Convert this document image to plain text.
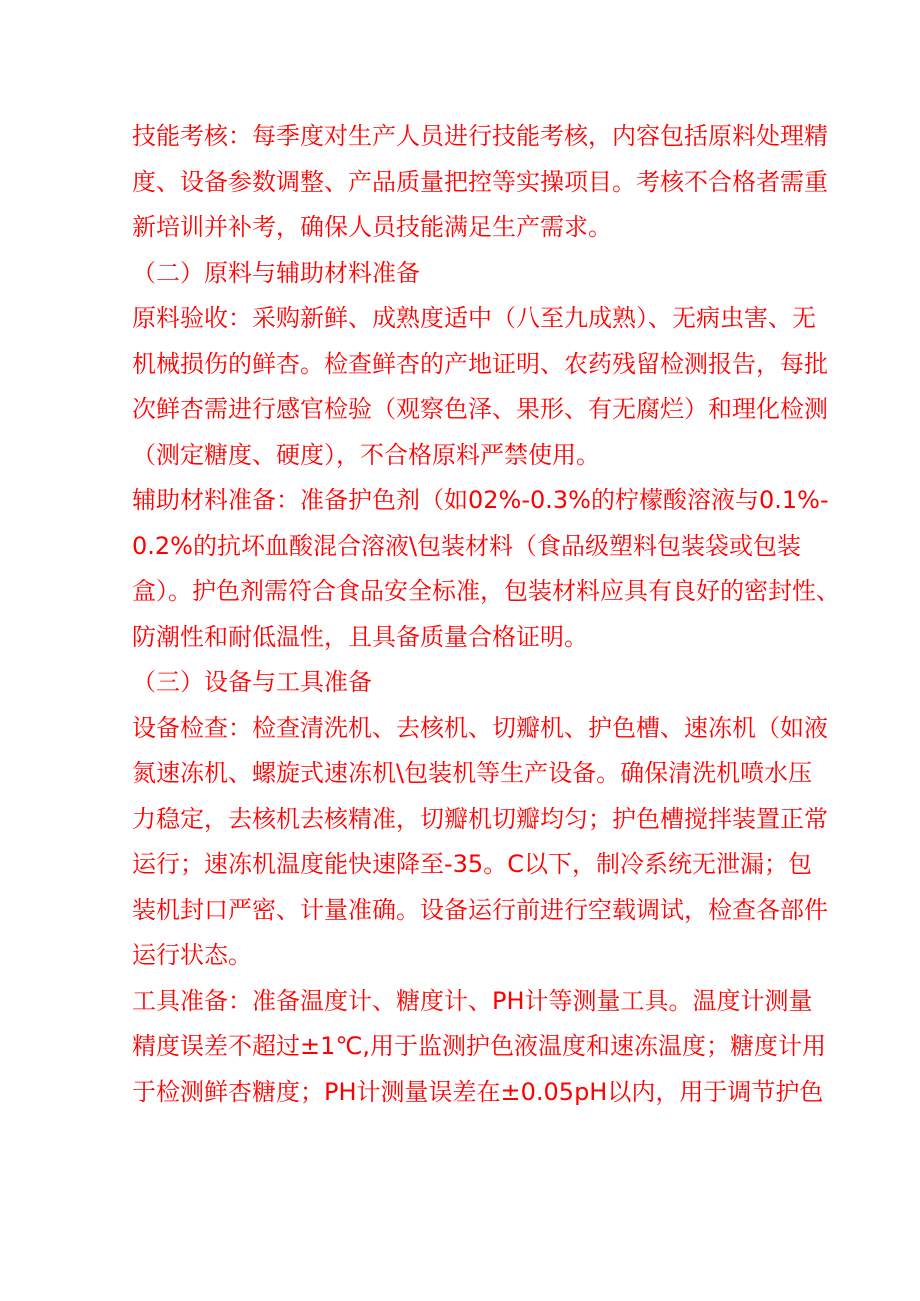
技能考核：每季度对生产人员进行技能考核，内容包括原料处理精
度、设备参数调整、产品质量把控等实操项目。考核不合格者需重
新培训并补考，确保人员技能满足生产需求。

（二）原料与辅助材料准备

原料验收：采购新鲜、成熟度适中（八至九成熟）、无病虫害、无
机械损伤的鲜杏。检查鲜杏的产地证明、农药残留检测报告，每批
次鲜杏需进行感官检验（观察色泽、果形、有无腐烂）和理化检测
（测定糖度、硬度），不合格原料严禁使用。

辅助材料准备：准备护色剂（如02%-0.3%的柠檬酸溶液与0.1%-
0.2%的抗坏血酸混合溶液\包装材料（食品级塑料包装袋或包装
盒）。护色剂需符合食品安全标准，包装材料应具有良好的密封性、
防潮性和耐低温性，且具备质量合格证明。

（三）设备与工具准备

设备检查：检查清洗机、去核机、切瓣机、护色槽、速冻机（如液
氮速冻机、螺旋式速冻机\包装机等生产设备。确保清洗机喷水压
力稳定，去核机去核精准，切瓣机切瓣均匀；护色槽搅拌装置正常
运行；速冻机温度能快速降至-35。C以下，制冷系统无泄漏；包
装机封口严密、计量准确。设备运行前进行空载调试，检查各部件
运行状态。

工具准备：准备温度计、糖度计、PH计等测量工具。温度计测量
精度误差不超过±1℃,用于监测护色液温度和速冻温度；糖度计用
于检测鲜杏糖度；PH计测量误差在±0.05pH以内，用于调节护色
